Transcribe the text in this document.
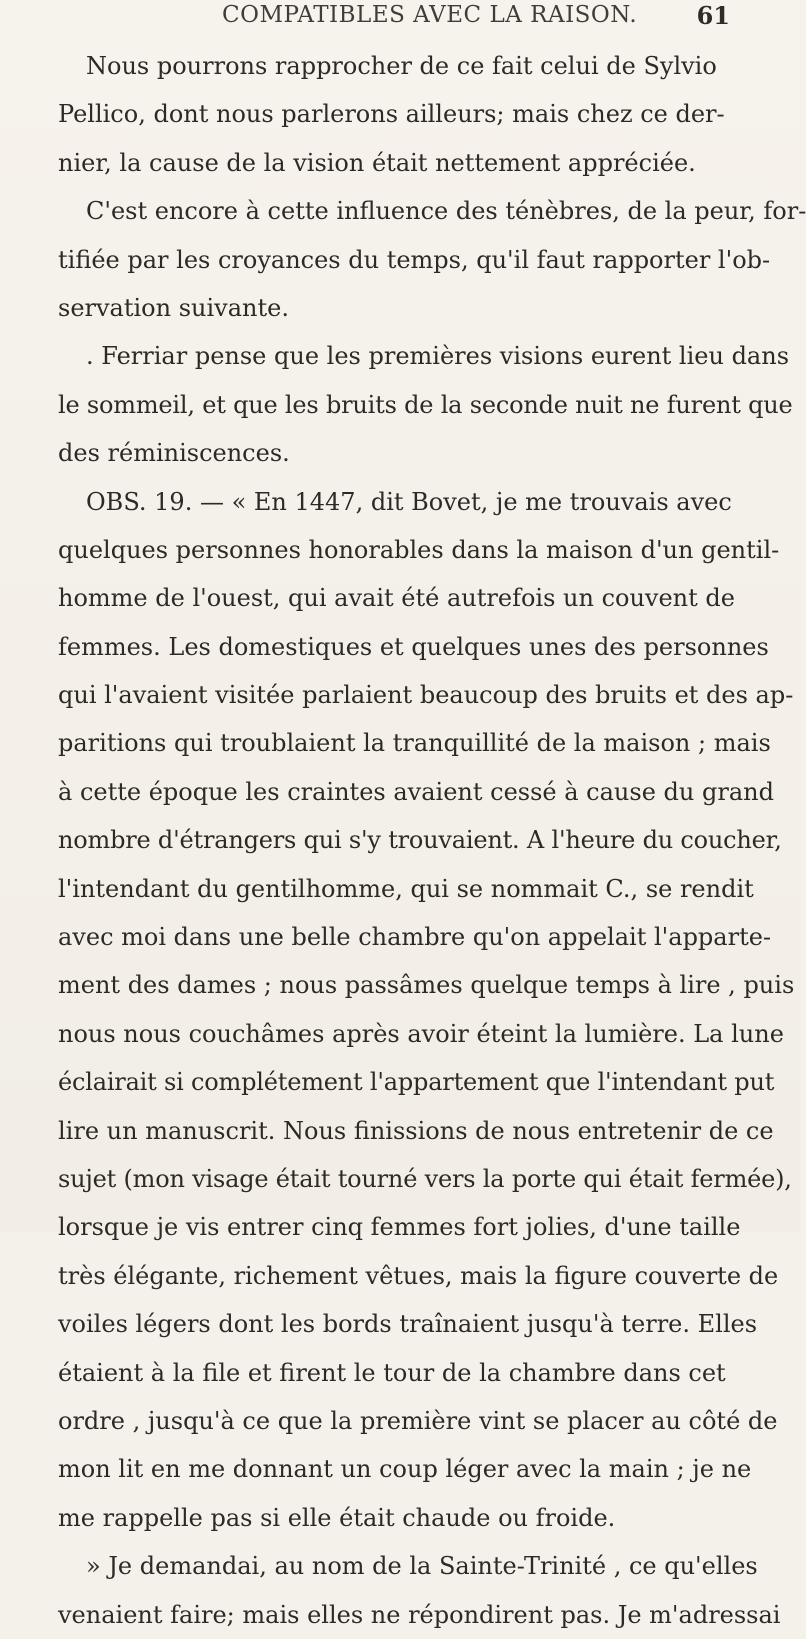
COMPATIBLES AVEC LA RAISON. 61
Nous pourrons rapprocher de ce fait celui de Sylvio
Pellico, dont nous parlerons ailleurs; mais chez ce der-
nier, la cause de la vision était nettement appréciée.
C'est encore à cette influence des ténèbres, de la peur, for-
tifiée par les croyances du temps, qu'il faut rapporter l'ob-
servation suivante.
. Ferriar pense que les premières visions eurent lieu dans
le sommeil, et que les bruits de la seconde nuit ne furent que
des réminiscences.
OBS. 19. — « En 1447, dit Bovet, je me trouvais avec
quelques personnes honorables dans la maison d'un gentil-
homme de l'ouest, qui avait été autrefois un couvent de
femmes. Les domestiques et quelques unes des personnes
qui l'avaient visitée parlaient beaucoup des bruits et des ap-
paritions qui troublaient la tranquillité de la maison ; mais
à cette époque les craintes avaient cessé à cause du grand
nombre d'étrangers qui s'y trouvaient. A l'heure du coucher,
l'intendant du gentilhomme, qui se nommait C., se rendit
avec moi dans une belle chambre qu'on appelait l'apparte-
ment des dames ; nous passâmes quelque temps à lire , puis
nous nous couchâmes après avoir éteint la lumière. La lune
éclairait si complétement l'appartement que l'intendant put
lire un manuscrit. Nous finissions de nous entretenir de ce
sujet (mon visage était tourné vers la porte qui était fermée),
lorsque je vis entrer cinq femmes fort jolies, d'une taille
très élégante, richement vêtues, mais la figure couverte de
voiles légers dont les bords traînaient jusqu'à terre. Elles
étaient à la file et firent le tour de la chambre dans cet
ordre , jusqu'à ce que la première vint se placer au côté de
mon lit en me donnant un coup léger avec la main ; je ne
me rappelle pas si elle était chaude ou froide.
» Je demandai, au nom de la Sainte-Trinité , ce qu'elles
venaient faire; mais elles ne répondirent pas. Je m'adressai
